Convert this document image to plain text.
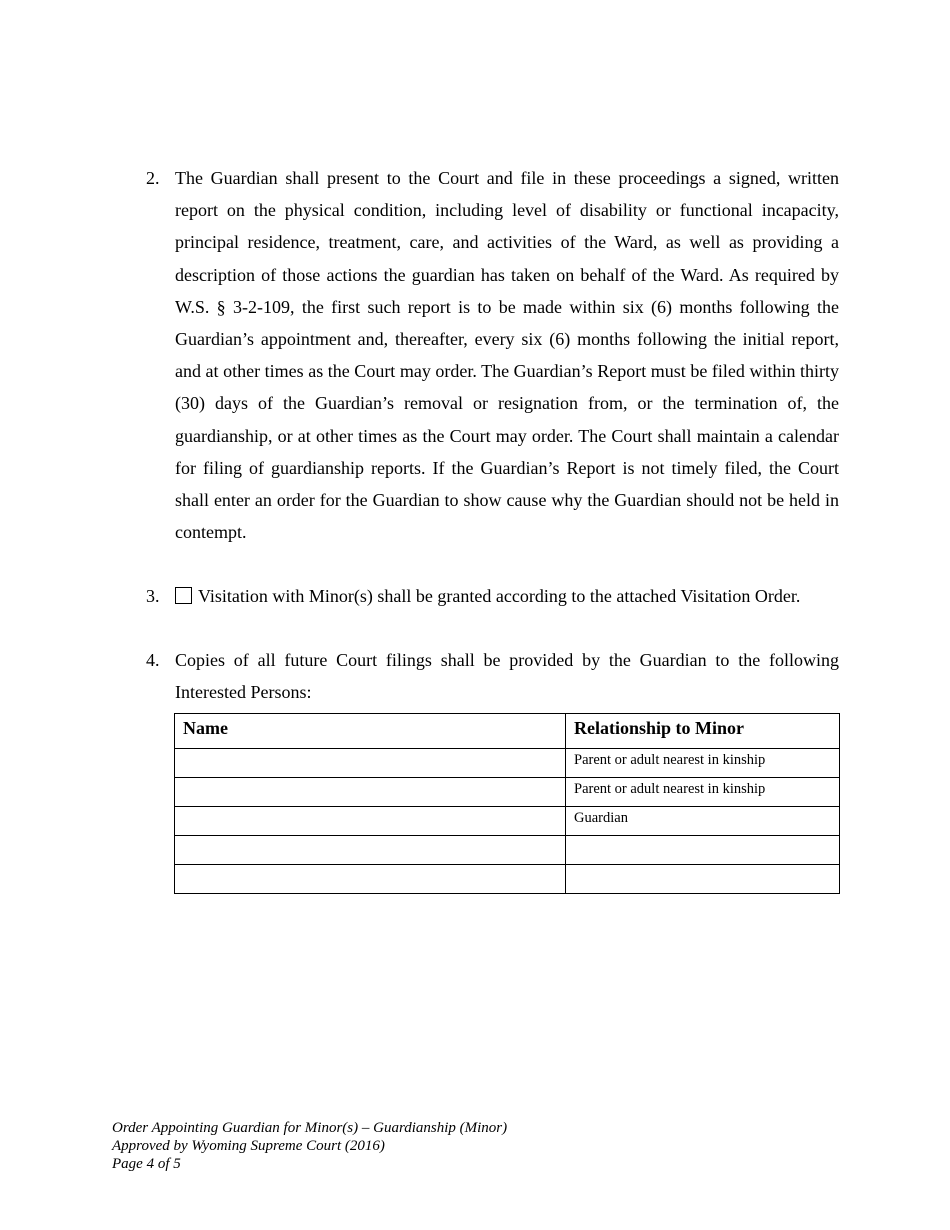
2. The Guardian shall present to the Court and file in these proceedings a signed, written report on the physical condition, including level of disability or functional incapacity, principal residence, treatment, care, and activities of the Ward, as well as providing a description of those actions the guardian has taken on behalf of the Ward. As required by W.S. § 3-2-109, the first such report is to be made within six (6) months following the Guardian’s appointment and, thereafter, every six (6) months following the initial report, and at other times as the Court may order. The Guardian’s Report must be filed within thirty (30) days of the Guardian’s removal or resignation from, or the termination of, the guardianship, or at other times as the Court may order. The Court shall maintain a calendar for filing of guardianship reports. If the Guardian’s Report is not timely filed, the Court shall enter an order for the Guardian to show cause why the Guardian should not be held in contempt.
3.	Visitation with Minor(s) shall be granted according to the attached Visitation Order.
4. Copies of all future Court filings shall be provided by the Guardian to the following Interested Persons:
Name	Relationship to Minor
	Parent or adult nearest in kinship
	Parent or adult nearest in kinship
	Guardian

Order Appointing Guardian for Minor(s) – Guardianship (Minor)
Approved by Wyoming Supreme Court (2016)
Page 4 of 5
